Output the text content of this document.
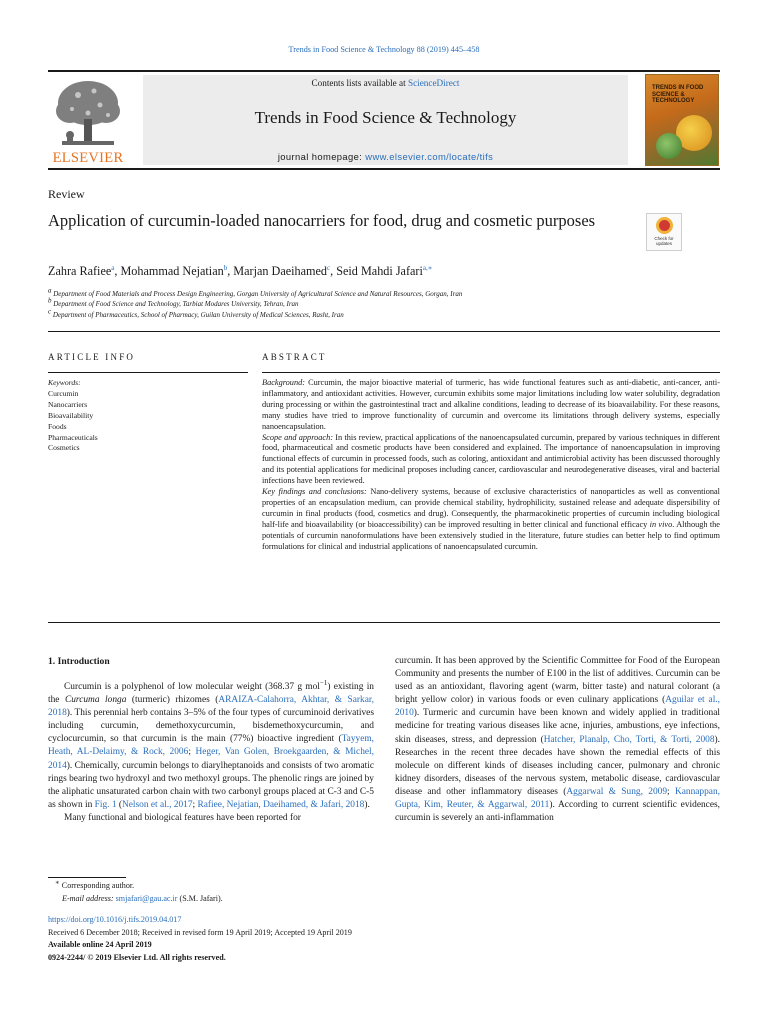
Trends in Food Science & Technology 88 (2019) 445–458
ELSEVIER
Contents lists available at ScienceDirect
Trends in Food Science & Technology
journal homepage: www.elsevier.com/locate/tifs
TRENDS IN FOOD SCIENCE & TECHNOLOGY
Review
Application of curcumin-loaded nanocarriers for food, drug and cosmetic purposes
Check for updates
Zahra Rafiee$^a$, Mohammad Nejatian$^b$, Marjan Daeihamed$^c$, Seid Mahdi Jafari$^{a,∗}$
$^a$ Department of Food Materials and Process Design Engineering, Gorgan University of Agricultural Science and Natural Resources, Gorgan, Iran
$^b$ Department of Food Science and Technology, Tarbiat Modares University, Tehran, Iran
$^c$ Department of Pharmaceutics, School of Pharmacy, Guilan University of Medical Sciences, Rasht, Iran
ARTICLE INFO	ABSTRACT
Keywords:
Curcumin
Nanocarriers
Bioavailability
Foods
Pharmaceuticals
Cosmetics
Background: Curcumin, the major bioactive material of turmeric, has wide functional features such as anti-diabetic, anti-cancer, anti-inflammatory, and antioxidant activities. However, curcumin exhibits some major limitations including low water solubility, degradation during processing or within the gastrointestinal tract and alkaline conditions, leading to decrease of its bioavailability. For these reasons, many studies have tried to improve functionality of curcumin and overcome its limitations through delivery systems, especially nanoencapsulation.
Scope and approach: In this review, practical applications of the nanoencapsulated curcumin, prepared by various techniques in different food, pharmaceutical and cosmetic products have been considered and explained. The importance of nanoencapsulation in improving functional effects of curcumin in processed foods, such as coloring, antioxidant and antimicrobial activity has been discussed thoroughly and its potential applications for medicinal proposes including cancer, cardiovascular and neurodegenerative diseases, viral and bacterial infections have been reviewed.
Key findings and conclusions: Nano-delivery systems, because of exclusive characteristics of nanoparticles as well as conventional properties of an encapsulation medium, can provide chemical stability, hydrophilicity, sustained release and adequate dispersibility of curcumin in final products (food, cosmetics and drug). Consequently, the pharmacokinetic properties of curcumin including biological half-life and bioavailability (or bioaccessibility) can be improved resulting in better clinical and functional efficacy in vivo. Although the potentials of curcumin nanoformulations have been extensively studied in the literature, future studies can better help to find optimum formulations for clinical and industrial applications of nanoencapsulated curcumin.
1. Introduction

Curcumin is a polyphenol of low molecular weight (368.37 g mol$^{-1}$) existing in the Curcuma longa (turmeric) rhizomes (ARAIZA-Calahorra, Akhtar, & Sarkar, 2018). This perennial herb contains 3–5% of the four types of curcuminoid derivatives including curcumin, demethoxycurcumin, bisdemethoxycurcumin, and cyclocurcumin, so that curcumin is the main (77%) bioactive ingredient (Tayyem, Heath, AL-Delaimy, & Rock, 2006; Heger, Van Golen, Broekgaarden, & Michel, 2014). Chemically, curcumin belongs to diarylheptanoids and consists of two aromatic rings bearing two hydroxyl and two methoxyl groups. The phenolic rings are joined by the aliphatic unsaturated carbon chain with two carbonyl groups placed at C-3 and C-5 as shown in Fig. 1 (Nelson et al., 2017; Rafiee, Nejatian, Daeihamed, & Jafari, 2018).

Many functional and biological features have been reported for

curcumin. It has been approved by the Scientific Committee for Food of the European Community and presents the number of E100 in the list of additives. Curcumin can be used as an antioxidant, flavoring agent (warm, bitter taste) and natural colorant (a bright yellow color) in various foods or even culinary applications (Aguilar et al., 2010). Turmeric and curcumin have been known and widely applied in traditional medicine for treating various diseases like acne, injuries, ambustions, eye infections, skin diseases, stress, and depression (Hatcher, Planalp, Cho, Torti, & Torti, 2008). Researches in the recent three decades have shown the remedial effects of this molecule on different kinds of diseases including cancer, pulmonary and chronic kidney disorders, diseases of the nervous system, metabolic disease, cardiovascular disease and other inflammatory diseases (Aggarwal & Sung, 2009; Kannappan, Gupta, Kim, Reuter, & Aggarwal, 2011). According to current scientific evidences, curcumin is severely an anti-inflammation

∗ Corresponding author.
E-mail address: smjafari@gau.ac.ir (S.M. Jafari).
https://doi.org/10.1016/j.tifs.2019.04.017
Received 6 December 2018; Received in revised form 19 April 2019; Accepted 19 April 2019
Available online 24 April 2019
0924-2244/ © 2019 Elsevier Ltd. All rights reserved.
